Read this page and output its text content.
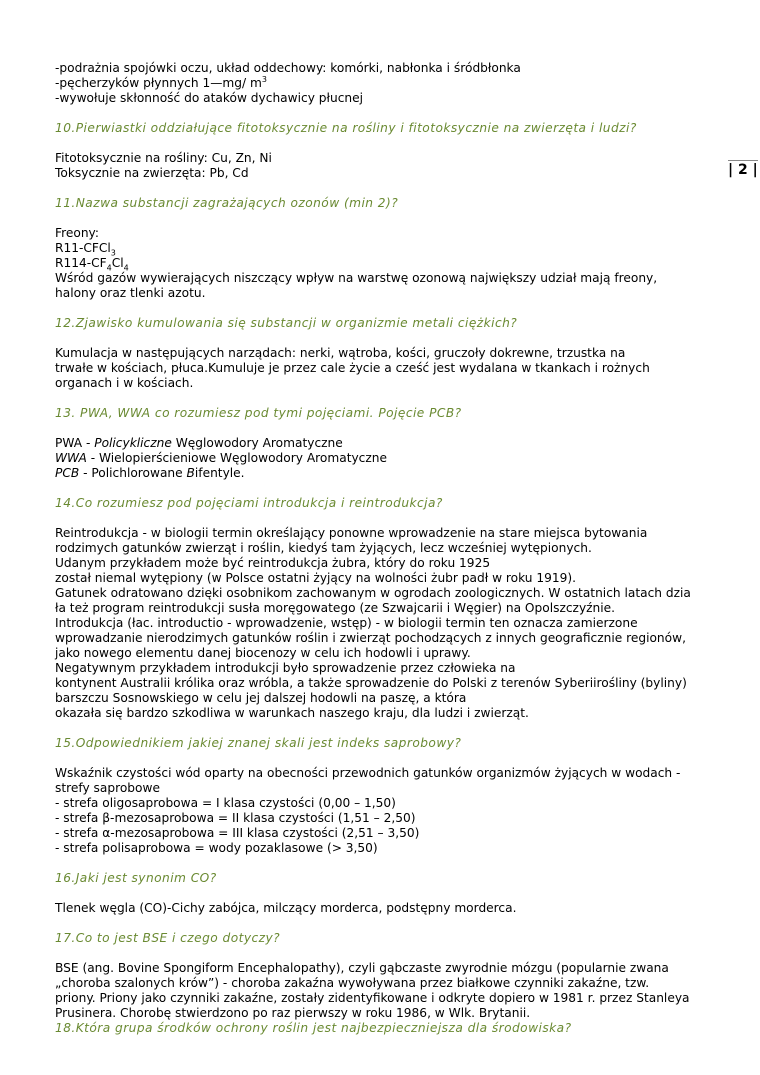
| 2 |
-podrażnia spojówki oczu, układ oddechowy: komórki, nabłonka i śródbłonka
-pęcherzyków płynnych 1—mg/ $m^3$
-wywołuje skłonność do ataków dychawicy płucnej
10.Pierwiastki oddziałujące fitotoksycznie na rośliny i fitotoksycznie na zwierzęta i ludzi?
Fitotoksycznie na rośliny: Cu, Zn, Ni
Toksycznie na zwierzęta: Pb, Cd
11.Nazwa substancji zagrażających ozonów (min 2)?
Freony:
R11-CFCl$_3$
$R114-CF_4Cl_4$
Wśród gazów wywierających niszczący wpływ na warstwę ozonową największy udział mają freony,
halony oraz tlenki azotu.
12.Zjawisko kumulowania się substancji w organizmie metali ciężkich?
Kumulacja w następujących narządach: nerki, wątroba, kości, gruczoły dokrewne, trzustka na
trwałe w kościach, płuca.Kumuluje je przez cale życie a cześć jest wydalana w tkankach i rożnych
organach i w kościach.
13. PWA, WWA co rozumiesz pod tymi pojęciami. Pojęcie PCB?
PWA - Policykliczne Węglowodory Aromatyczne
WWA - Wielopierścieniowe Węglowodory Aromatyczne
PCB - Polichlorowane Bifentyle.
14.Co rozumiesz pod pojęciami introdukcja i reintrodukcja?
Reintrodukcja - w biologii termin określający ponowne wprowadzenie na stare miejsca bytowania
rodzimych gatunków zwierząt i roślin, kiedyś tam żyjących, lecz wcześniej wytępionych.
Udanym przykładem może być reintrodukcja żubra, który do roku 1925
został niemal wytępiony (w Polsce ostatni żyjący na wolności żubr padł w roku 1919).
Gatunek odratowano dzięki osobnikom zachowanym w ogrodach zoologicznych. W ostatnich latach dzia
ła też program reintrodukcji susła moręgowatego (ze Szwajcarii i Węgier) na Opolszczyźnie.
Introdukcja (łac. introductio - wprowadzenie, wstęp) - w biologii termin ten oznacza zamierzone
wprowadzanie nierodzimych gatunków roślin i zwierząt pochodzących z innych geograficznie regionów,
jako nowego elementu danej biocenozy w celu ich hodowli i uprawy.
Negatywnym przykładem introdukcji było sprowadzenie przez człowieka na
kontynent Australii królika oraz wróbla, a także sprowadzenie do Polski z terenów Syberiirośliny (byliny)
barszczu Sosnowskiego w celu jej dalszej hodowli na paszę, a która
okazała się bardzo szkodliwa w warunkach naszego kraju, dla ludzi i zwierząt.
15.Odpowiednikiem jakiej znanej skali jest indeks saprobowy?
Wskaźnik czystości wód oparty na obecności przewodnich gatunków organizmów żyjących w wodach -
strefy saprobowe
- strefa oligosaprobowa = I klasa czystości (0,00 – 1,50)
- strefa β-mezosaprobowa = II klasa czystości (1,51 – 2,50)
- strefa α-mezosaprobowa = III klasa czystości (2,51 – 3,50)
- strefa polisaprobowa = wody pozaklasowe (> 3,50)
16.Jaki jest synonim CO?
Tlenek węgla (CO)-Cichy zabójca, milczący morderca, podstępny morderca.
17.Co to jest BSE i czego dotyczy?
BSE (ang. Bovine Spongiform Encephalopathy), czyli gąbczaste zwyrodnie mózgu (popularnie zwana
„choroba szalonych krów”) - choroba zakaźna wywoływana przez białkowe czynniki zakaźne, tzw.
priony. Priony jako czynniki zakaźne, zostały zidentyfikowane i odkryte dopiero w 1981 r. przez Stanleya
Prusinera. Chorobę stwierdzono po raz pierwszy w roku 1986, w Wlk. Brytanii.
18.Która grupa środków ochrony roślin jest najbezpieczniejsza dla środowiska?
